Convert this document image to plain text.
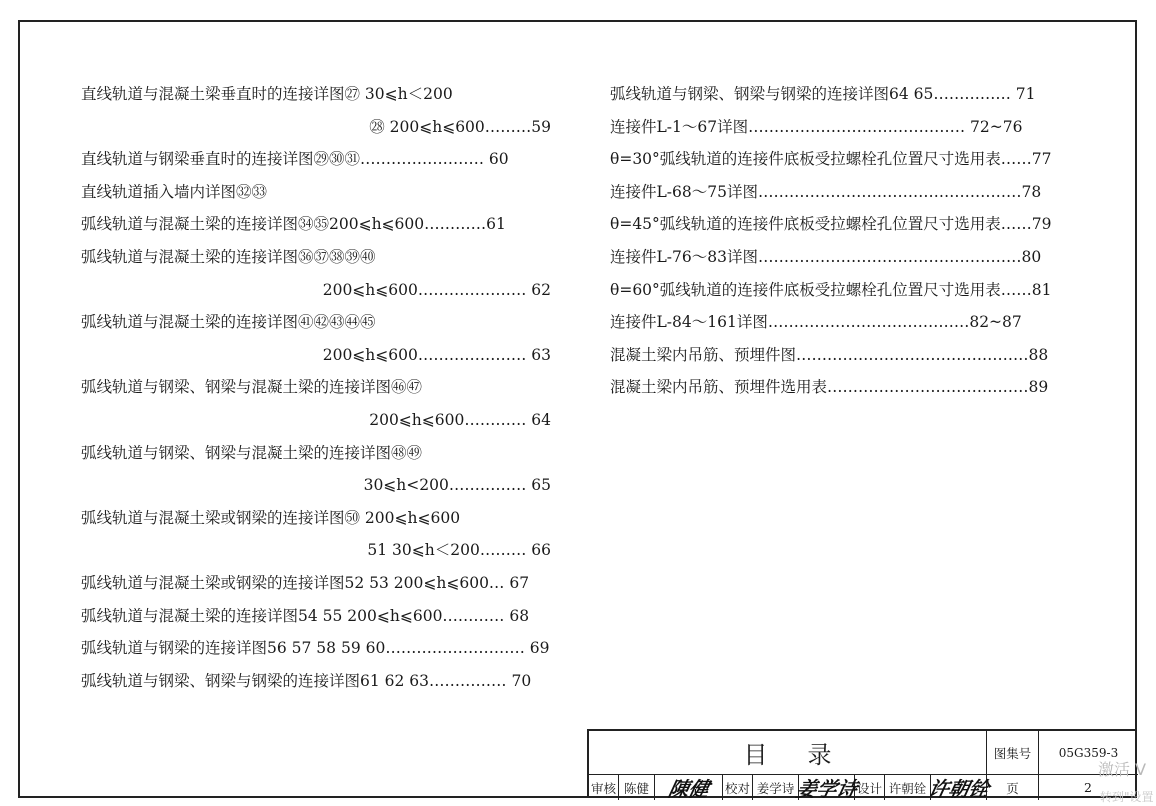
直线轨道与混凝土梁垂直时的连接详图㉗ 30⩽h＜200
㉘ 200⩽h⩽600………59
直线轨道与钢梁垂直时的连接详图㉙㉚㉛…………………… 60
直线轨道插入墙内详图㉜㉝
弧线轨道与混凝土梁的连接详图㉞㉟200⩽h⩽600…………61
弧线轨道与混凝土梁的连接详图㊱㊲㊳㊴㊵
200⩽h⩽600………………… 62
弧线轨道与混凝土梁的连接详图㊶㊷㊸㊹㊺
200⩽h⩽600………………… 63
弧线轨道与钢梁、钢梁与混凝土梁的连接详图㊻㊼
200⩽h⩽600………… 64
弧线轨道与钢梁、钢梁与混凝土梁的连接详图㊽㊾
30⩽h<200…………… 65
弧线轨道与混凝土梁或钢梁的连接详图㊿ 200⩽h⩽600
51 30⩽h＜200……… 66
弧线轨道与混凝土梁或钢梁的连接详图52 53 200⩽h⩽600… 67
弧线轨道与混凝土梁的连接详图54 55 200⩽h⩽600………… 68
弧线轨道与钢梁的连接详图56 57 58 59 60……………………… 69
弧线轨道与钢梁、钢梁与钢梁的连接详图61 62 63…………… 70
弧线轨道与钢梁、钢梁与钢梁的连接详图64 65…………… 71
连接件L-1～67详图…………………………………… 72~76
θ=30°弧线轨道的连接件底板受拉螺栓孔位置尺寸选用表……77
连接件L-68～75详图……………………………………………78
θ=45°弧线轨道的连接件底板受拉螺栓孔位置尺寸选用表……79
连接件L-76～83详图……………………………………………80
θ=60°弧线轨道的连接件底板受拉螺栓孔位置尺寸选用表……81
连接件L-84～161详图…………………………………82~87
混凝土梁内吊筋、预埋件图………………………………………88
混凝土梁内吊筋、预埋件选用表…………………………………89
目录	图集号	05G359-3
审核 陈健 陳健 校对 姜学诗 姜学诗
设计 许朝铨 许朝铨	页	2
激活 V
转到"设置
